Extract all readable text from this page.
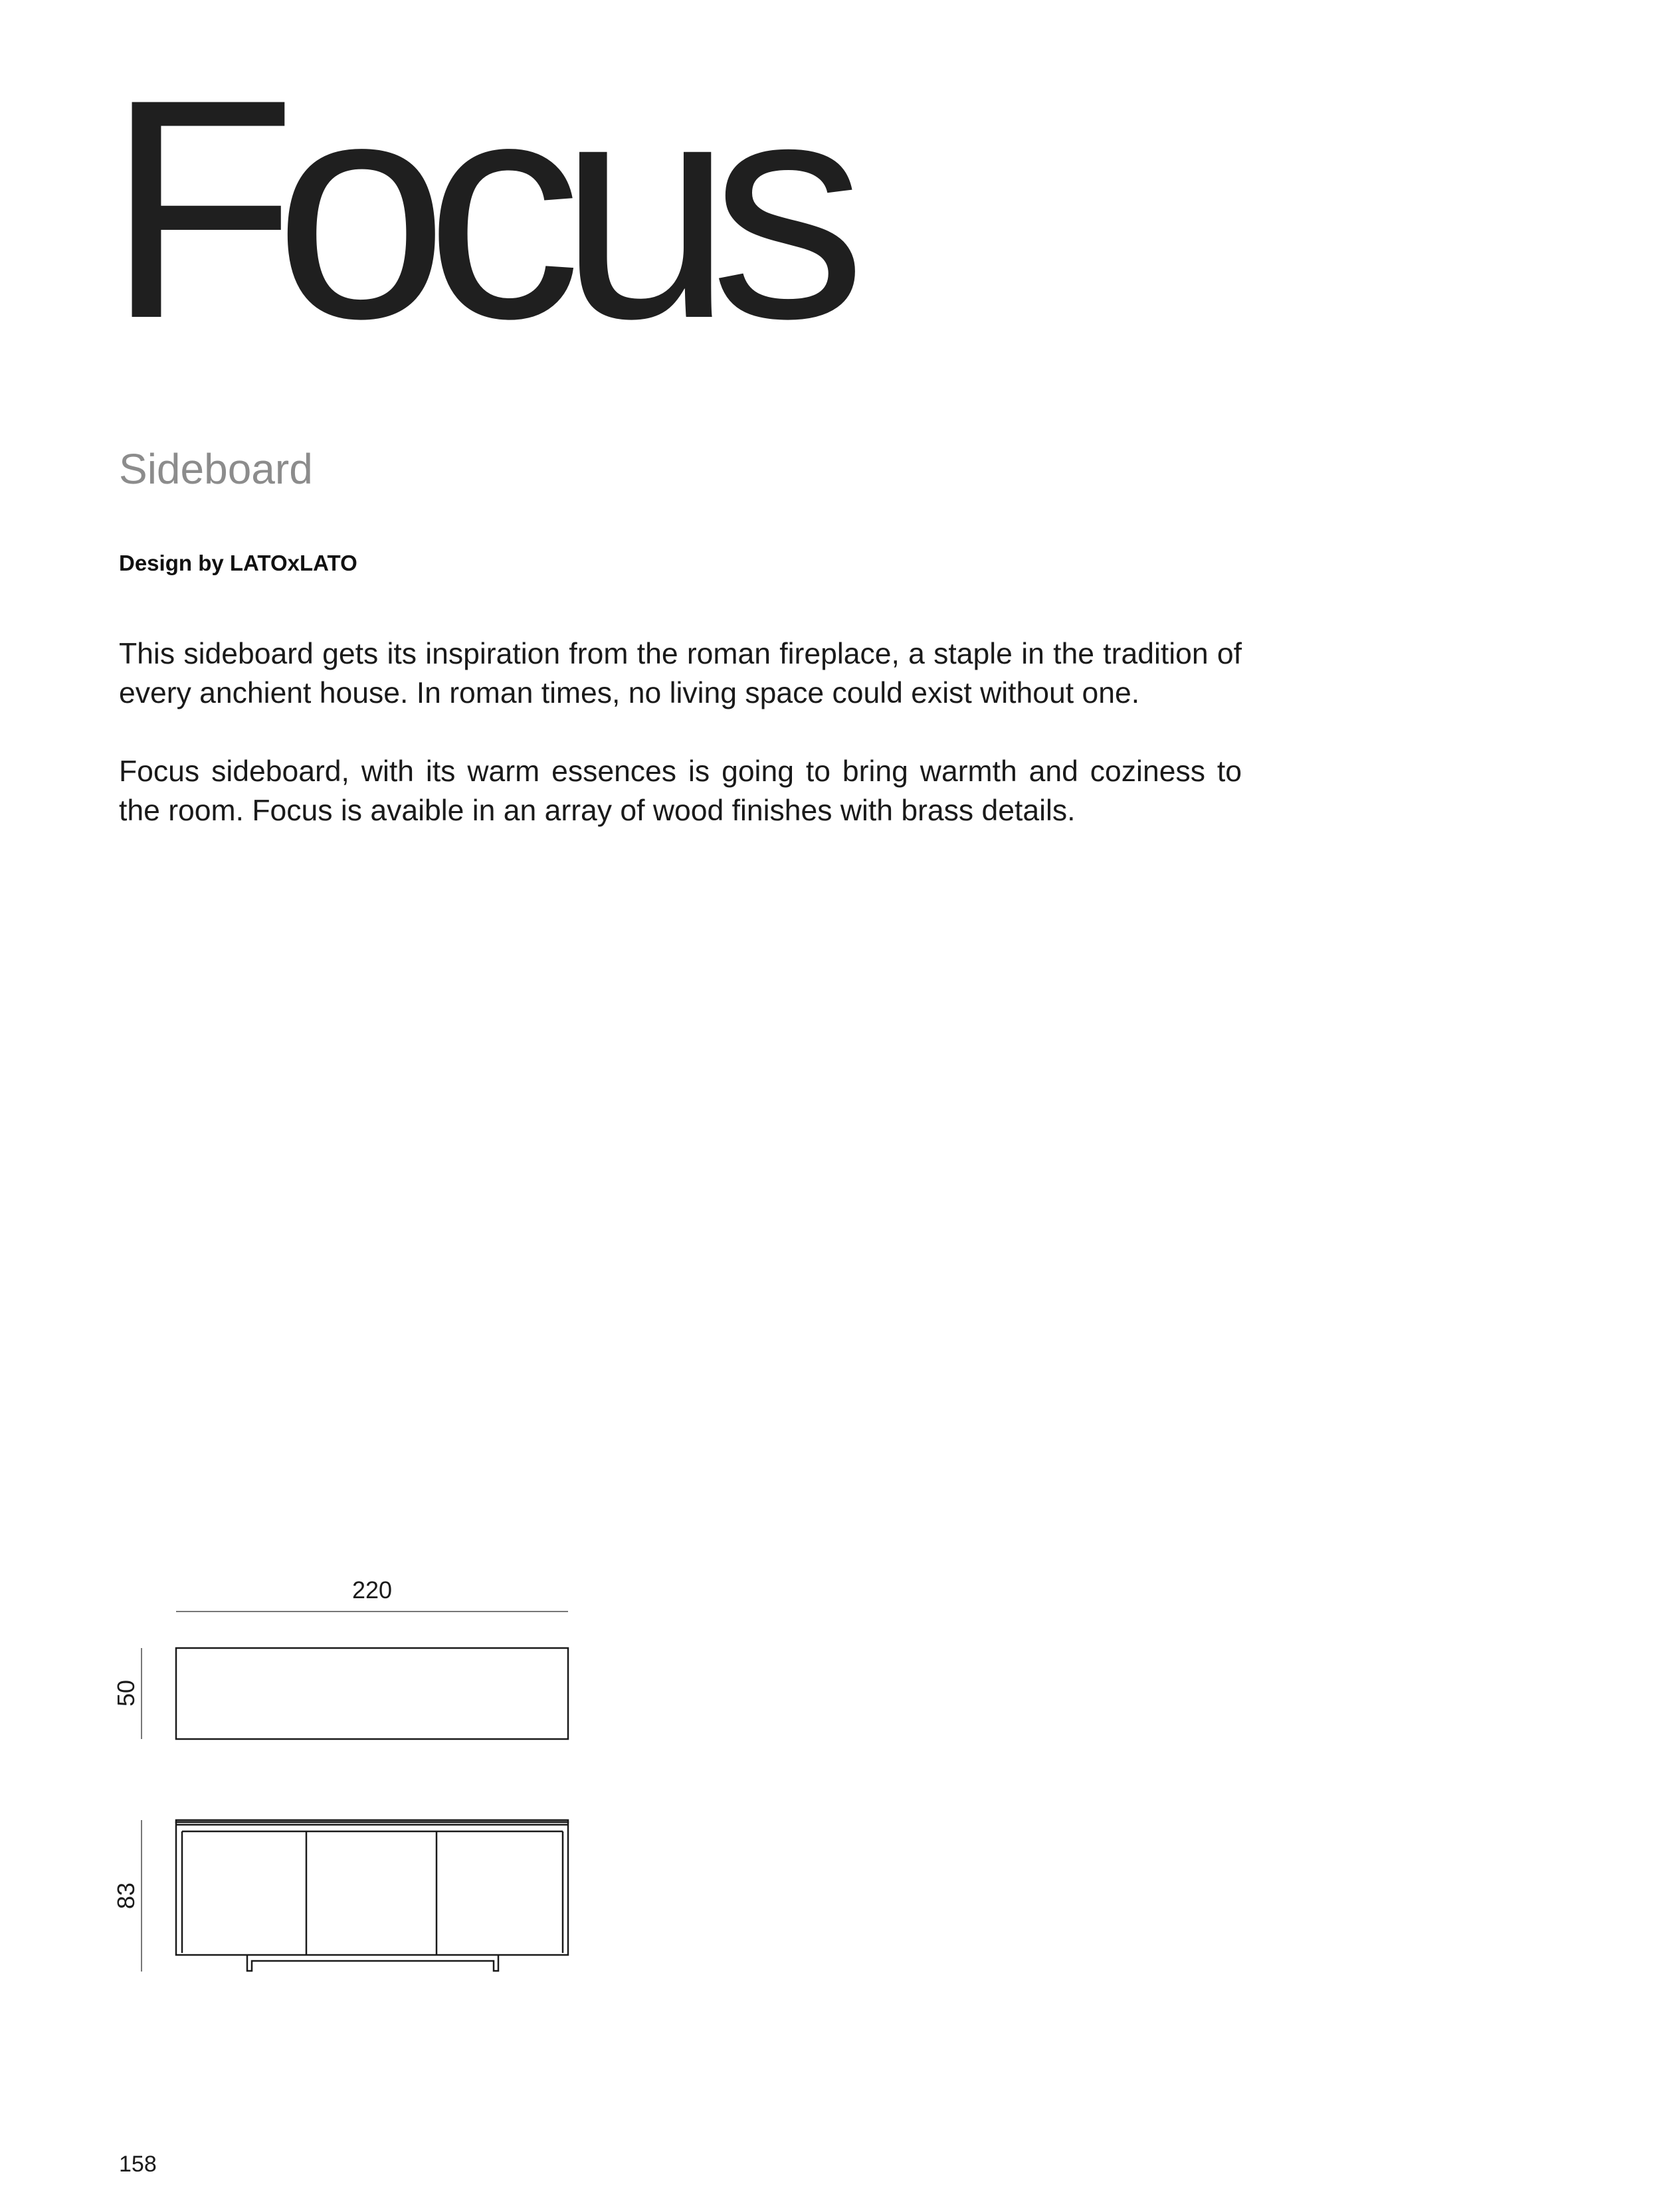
Focus
Sideboard
Design by LATOxLATO

This sideboard gets its inspiration from the roman fireplace, a staple in the tradition of every anchient house. In roman times, no living space could exist without one.

Focus sideboard, with its warm essences is going to bring warmth and coziness to the room. Focus is avaible in an array of wood finishes with brass details.

220
50
83
158
